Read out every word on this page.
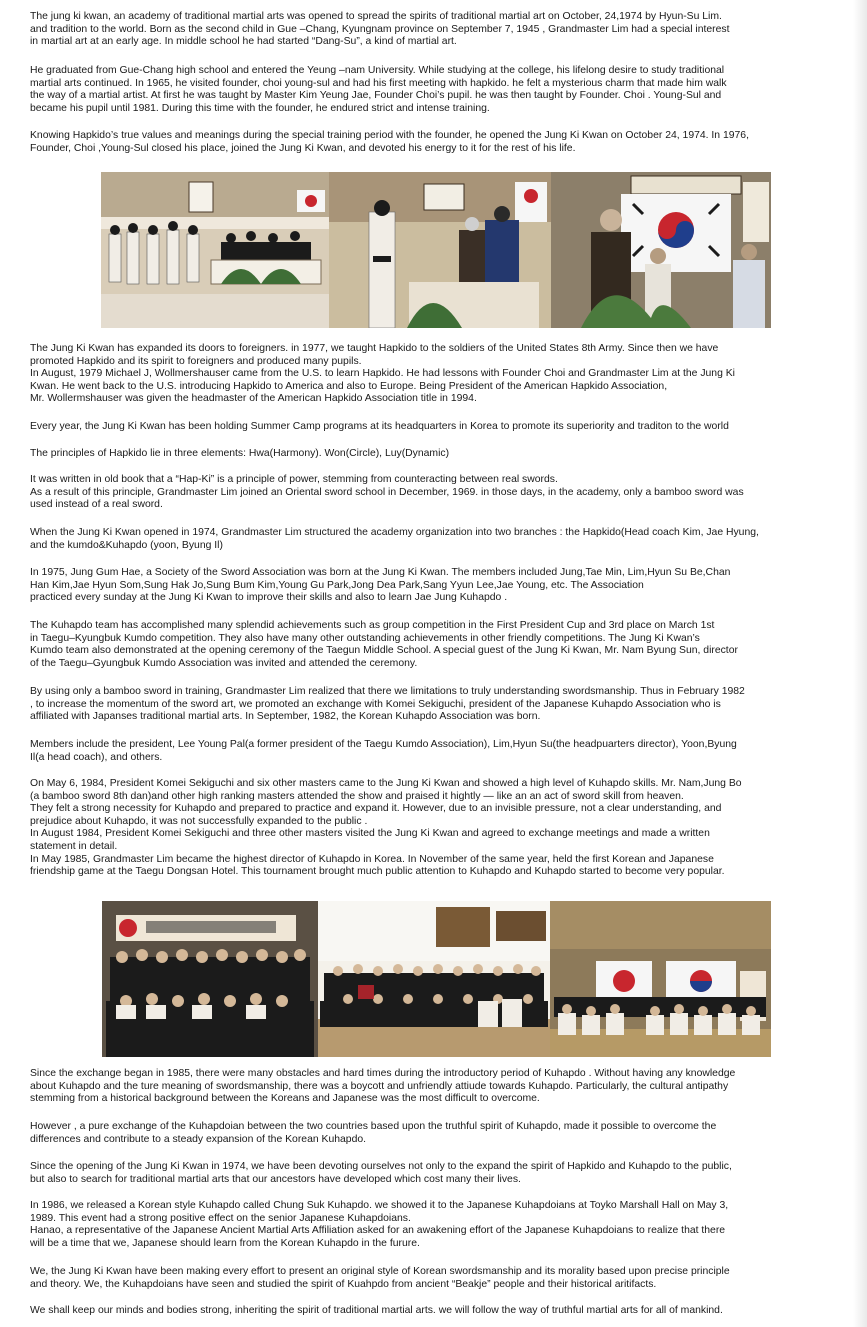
The jung ki kwan, an academy of traditional martial arts was opened to spread the spirits of traditional martial art on October, 24,1974 by Hyun-Su Lim.
and tradition to the world. Born as the second child in Gue –Chang, Kyungnam province on September 7, 1945 , Grandmaster Lim had a special interest
in martial art at an early age. In middle school he had started “Dang-Su”, a kind of martial art.

He graduated from Gue-Chang high school and entered the Yeung –nam University. While studying at the college, his lifelong desire to study traditional
martial arts continued. In 1965, he visited founder, choi young-sul and had his first meeting with hapkido. he felt a mysterious charm that made him walk
the way of a martial artist. At first he was taught by Master Kim Yeung Jae, Founder Choi’s pupil. he was then taught by Founder. Choi . Young-Sul and
became his pupil until 1981. During this time with the founder, he endured strict and intense training.

Knowing Hapkido’s true values and meanings during the special training period with the founder, he opened the Jung Ki Kwan on October 24, 1974. In 1976,
Founder, Choi ,Young-Sul closed his place, joined the Jung Ki Kwan, and devoted his energy to it for the rest of his life.

The Jung Ki Kwan has expanded its doors to foreigners. in 1977, we taught Hapkido to the soldiers of the United States 8th Army. Since then we have
promoted Hapkido and its spirit to foreigners and produced many pupils.
In August, 1979 Michael J, Wollmershauser came from the U.S. to learn Hapkido. He had lessons with Founder Choi and Grandmaster Lim at the Jung Ki
Kwan. He went back to the U.S. introducing Hapkido to America and also to Europe. Being President of the American Hapkido Association,
Mr. Wollermshauser was given the headmaster of the American Hapkido Association title in 1994.

Every year, the Jung Ki Kwan has been holding Summer Camp programs at its headquarters in Korea to promote its superiority and traditon to the world

The principles of Hapkido lie in three elements: Hwa(Harmony). Won(Circle), Luy(Dynamic)

It was written in old book that a “Hap-Ki” is a principle of power, stemming from counteracting between real swords.
As a result of this principle, Grandmaster Lim joined an Oriental sword school in December, 1969. in those days, in the academy, only a bamboo sword was
used instead of a real sword.

When the Jung Ki Kwan opened in 1974, Grandmaster Lim structured the academy organization into two branches : the Hapkido(Head coach Kim, Jae Hyung,
and the kumdo&Kuhapdo (yoon, Byung Il)

In 1975, Jung Gum Hae, a Society of the Sword Association was born at the Jung Ki Kwan. The members included Jung,Tae Min, Lim,Hyun Su Be,Chan
Han Kim,Jae Hyun Som,Sung Hak Jo,Sung Bum Kim,Young Gu Park,Jong Dea Park,Sang Yyun Lee,Jae Young, etc. The Association
practiced every sunday at the Jung Ki Kwan to improve their skills and also to learn Jae Jung Kuhapdo .

The Kuhapdo team has accomplished many splendid achievements such as group competition in the First President Cup and 3rd place on March 1st
in Taegu–Kyungbuk Kumdo competition. They also have many other outstanding achievements in other friendly competitions. The Jung Ki Kwan’s
Kumdo team also demonstrated at the opening ceremony of the Taegun Middle School. A special guest of the Jung Ki Kwan, Mr. Nam Byung Sun, director
of the Taegu–Gyungbuk Kumdo Association was invited and attended the ceremony.

By using only a bamboo sword in training, Grandmaster Lim realized that there we limitations to truly understanding swordsmanship. Thus in February 1982
, to increase the momentum of the sword art, we promoted an exchange with Komei Sekiguchi, president of the Japanese Kuhapdo Association who is
affiliated with Japanses traditional martial arts. In September, 1982, the Korean Kuhapdo Association was born.

Members include the president, Lee Young Pal(a former president of the Taegu Kumdo Association), Lim,Hyun Su(the headpuarters director), Yoon,Byung
Il(a head coach), and others.

On May 6, 1984, President Komei Sekiguchi and six other masters came to the Jung Ki Kwan and showed a high level of Kuhapdo skills. Mr. Nam,Jung Bo
(a bamboo sword 8th dan)and other high ranking masters attended the show and praised it hightly — like an an act of sword skill from heaven.
They felt a strong necessity for Kuhapdo and prepared to practice and expand it. However, due to an invisible pressure, not a clear understanding, and
prejudice about Kuhapdo, it was not successfully expanded to the public .
In August 1984, President Komei Sekiguchi and three other masters visited the Jung Ki Kwan and agreed to exchange meetings and made a written
statement in detail.
In May 1985, Grandmaster Lim became the highest director of Kuhapdo in Korea. In November of the same year, held the first Korean and Japanese
friendship game at the Taegu Dongsan Hotel. This tournament brought much public attention to Kuhapdo and Kuhapdo started to become very popular.

Since the exchange began in 1985, there were many obstacles and hard times during the introductory period of Kuhapdo . Without having any knowledge
about Kuhapdo and the ture meaning of swordsmanship, there was a boycott and unfriendly attiude towards Kuhapdo. Particularly, the cultural antipathy
stemming from a historical background between the Koreans and Japanese was the most difficult to overcome.

However , a pure exchange of the Kuhapdoian between the two countries based upon the truthful spirit of Kuhapdo, made it possible to overcome the
differences and contribute to a steady expansion of the Korean Kuhapdo.

Since the opening of the Jung Ki Kwan in 1974, we have been devoting ourselves not only to the expand the spirit of Hapkido and Kuhapdo to the public,
but also to search for traditional martial arts that our ancestors have developed which cost many their lives.

In 1986, we released a Korean style Kuhapdo called Chung Suk Kuhapdo. we showed it to the Japanese Kuhapdoians at Toyko Marshall Hall on May 3,
1989. This event had a strong positive effect on the senior Japanese Kuhapdoians.
Hanao, a representative of the Japanese Ancient Martial Arts Affiliation asked for an awakening effort of the Japanese Kuhapdoians to realize that there
will be a time that we, Japanese should learn from the Korean Kuhapdo in the furure.

We, the Jung Ki Kwan have been making every effort to present an original style of Korean swordsmanship and its morality based upon precise principle
and theory. We, the Kuhapdoians have seen and studied the spirit of Kuahpdo from ancient “Beakje” people and their historical aritifacts.

We shall keep our minds and bodies strong, inheriting the spirit of traditional martial arts. we will follow the way of truthful martial arts for all of mankind.
